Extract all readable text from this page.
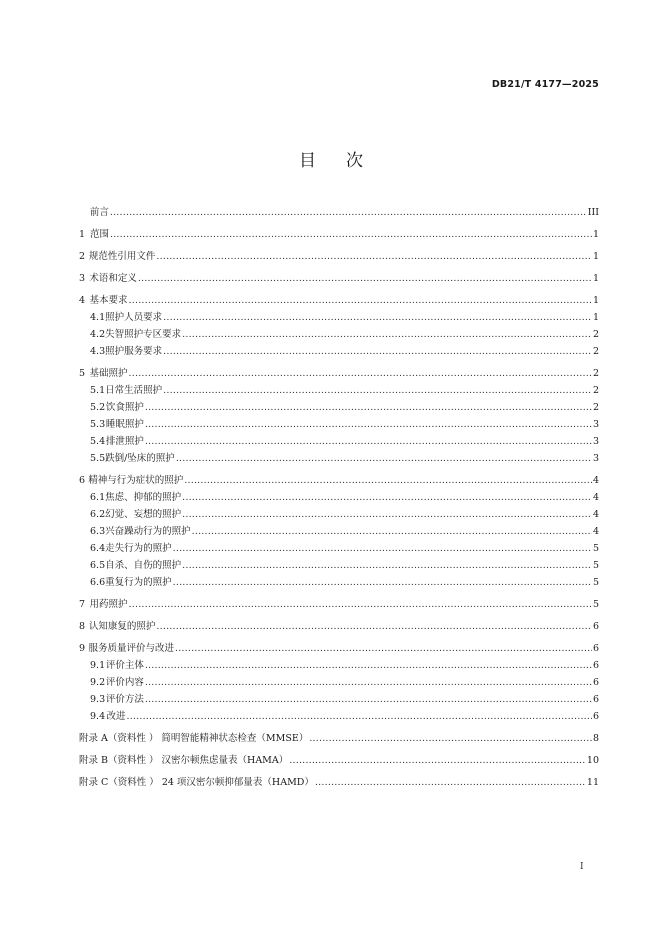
DB21/T 4177—2025
目次
前言 .....	III
1 范围 .....	1
2 规范性引用文件 .....	1
3 术语和定义 .....	1
4 基本要求 .....	1
4.1 照护人员要求 .....	1
4.2 失智照护专区要求 .....	2
4.3 照护服务要求 .....	2
5 基础照护 .....	2
5.1 日常生活照护 .....	2
5.2 饮食照护 .....	2
5.3 睡眠照护 .....	3
5.4 排泄照护 .....	3
5.5 跌倒/坠床的照护 .....	3
6 精神与行为症状的照护 .....	4
6.1 焦虑、抑郁的照护 .....	4
6.2 幻觉、妄想的照护 .....	4
6.3 兴奋躁动行为的照护 .....	4
6.4 走失行为的照护 .....	5
6.5 自杀、自伤的照护 .....	5
6.6 重复行为的照护 .....	5
7 用药照护 .....	5
8 认知康复的照护 .....	6
9 服务质量评价与改进 .....	6
9.1 评价主体 .....	6
9.2 评价内容 .....	6
9.3 评价方法 .....	6
9.4 改进 .....	6
附录 A（资料性 ） 简明智能精神状态检查（MMSE） .....	8
附录 B（资料性 ） 汉密尔顿焦虑量表（HAMA） .....	10
附录 C（资料性 ） 24 项汉密尔顿抑郁量表（HAMD） .....	11
I
